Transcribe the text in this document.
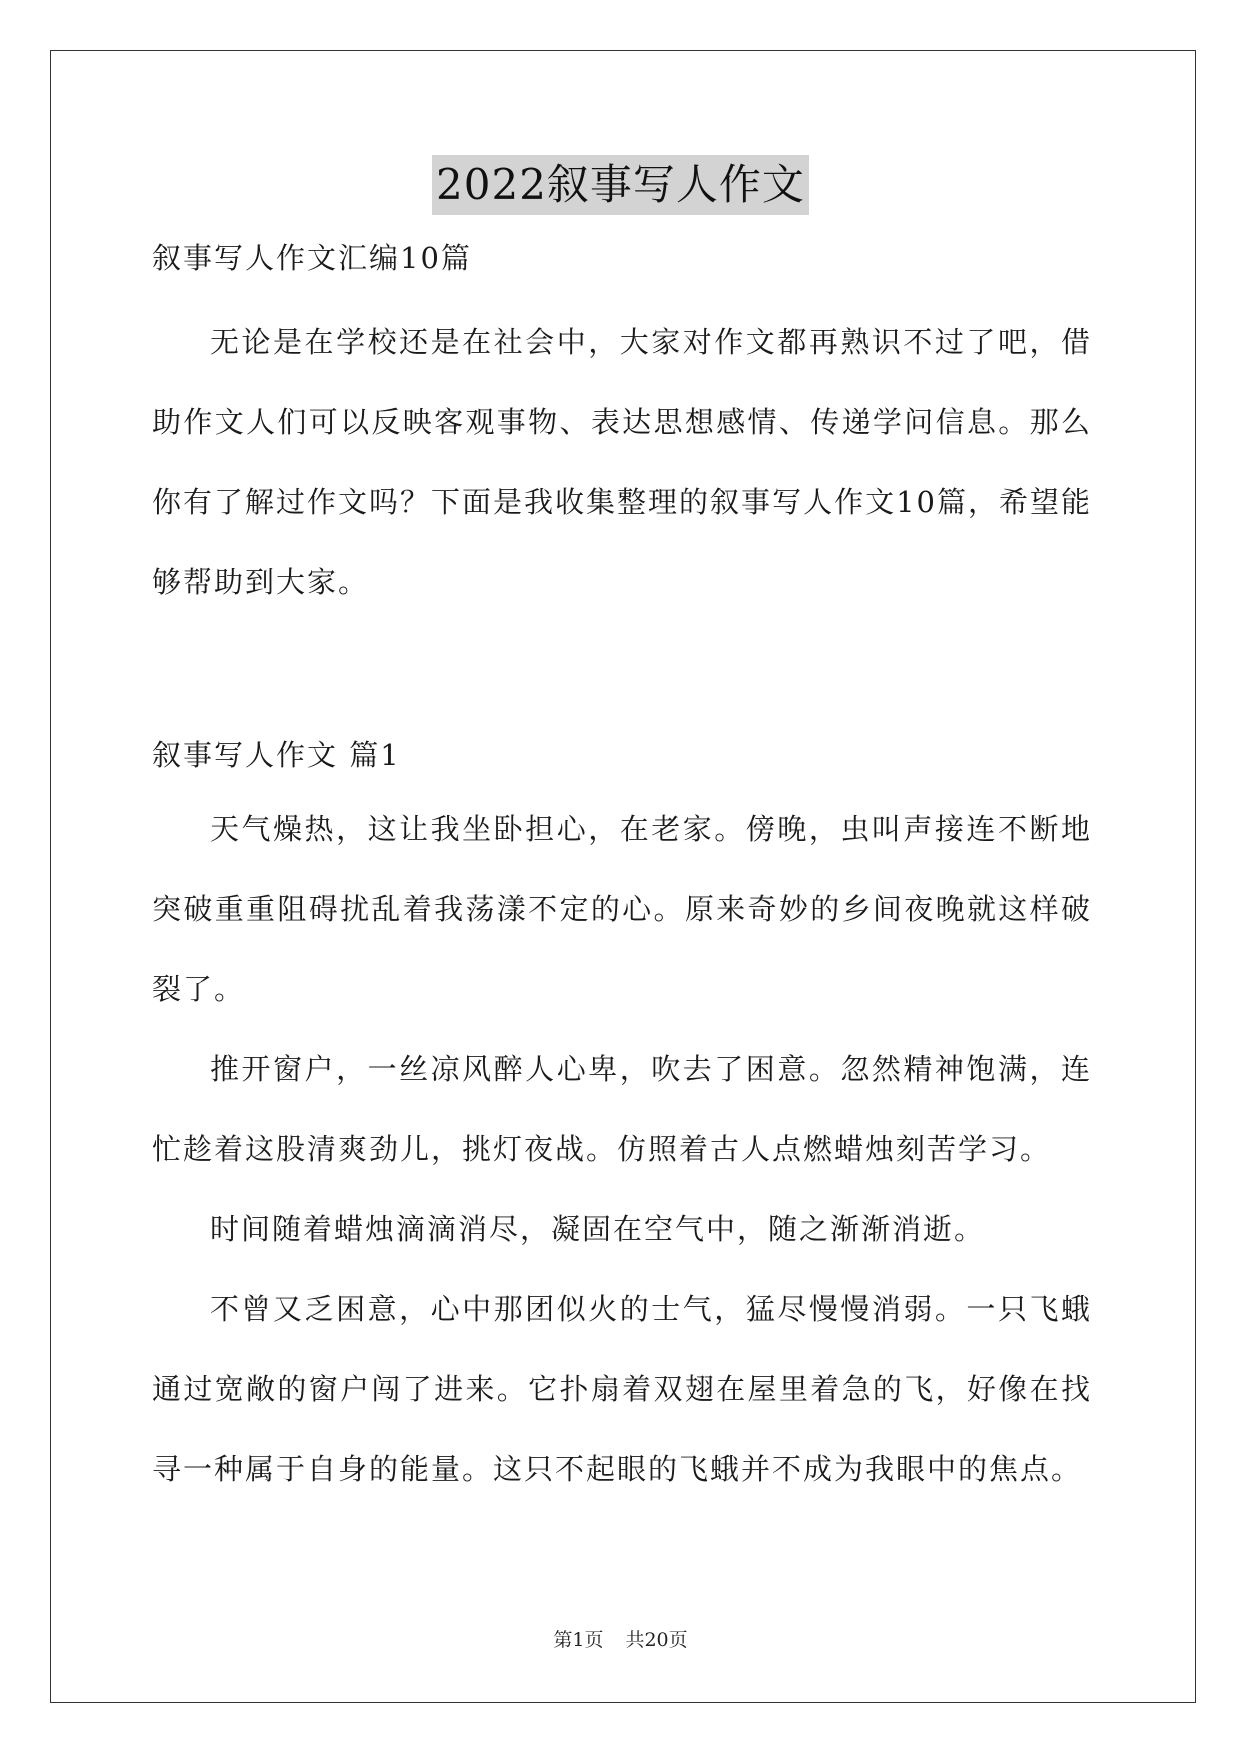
2022叙事写人作文

叙事写人作文汇编10篇

无论是在学校还是在社会中，大家对作文都再熟识不过了吧，借助作文人们可以反映客观事物、表达思想感情、传递学问信息。那么你有了解过作文吗？下面是我收集整理的叙事写人作文10篇，希望能够帮助到大家。

叙事写人作文 篇1

天气燥热，这让我坐卧担心，在老家。傍晚，虫叫声接连不断地突破重重阻碍扰乱着我荡漾不定的心。原来奇妙的乡间夜晚就这样破裂了。

推开窗户，一丝凉风醉人心卑，吹去了困意。忽然精神饱满，连忙趁着这股清爽劲儿，挑灯夜战。仿照着古人点燃蜡烛刻苦学习。

时间随着蜡烛滴滴消尽，凝固在空气中，随之渐渐消逝。

不曾又乏困意，心中那团似火的士气，猛尽慢慢消弱。一只飞蛾通过宽敞的窗户闯了进来。它扑扇着双翅在屋里着急的飞，好像在找寻一种属于自身的能量。这只不起眼的飞蛾并不成为我眼中的焦点。

第1页 共20页
